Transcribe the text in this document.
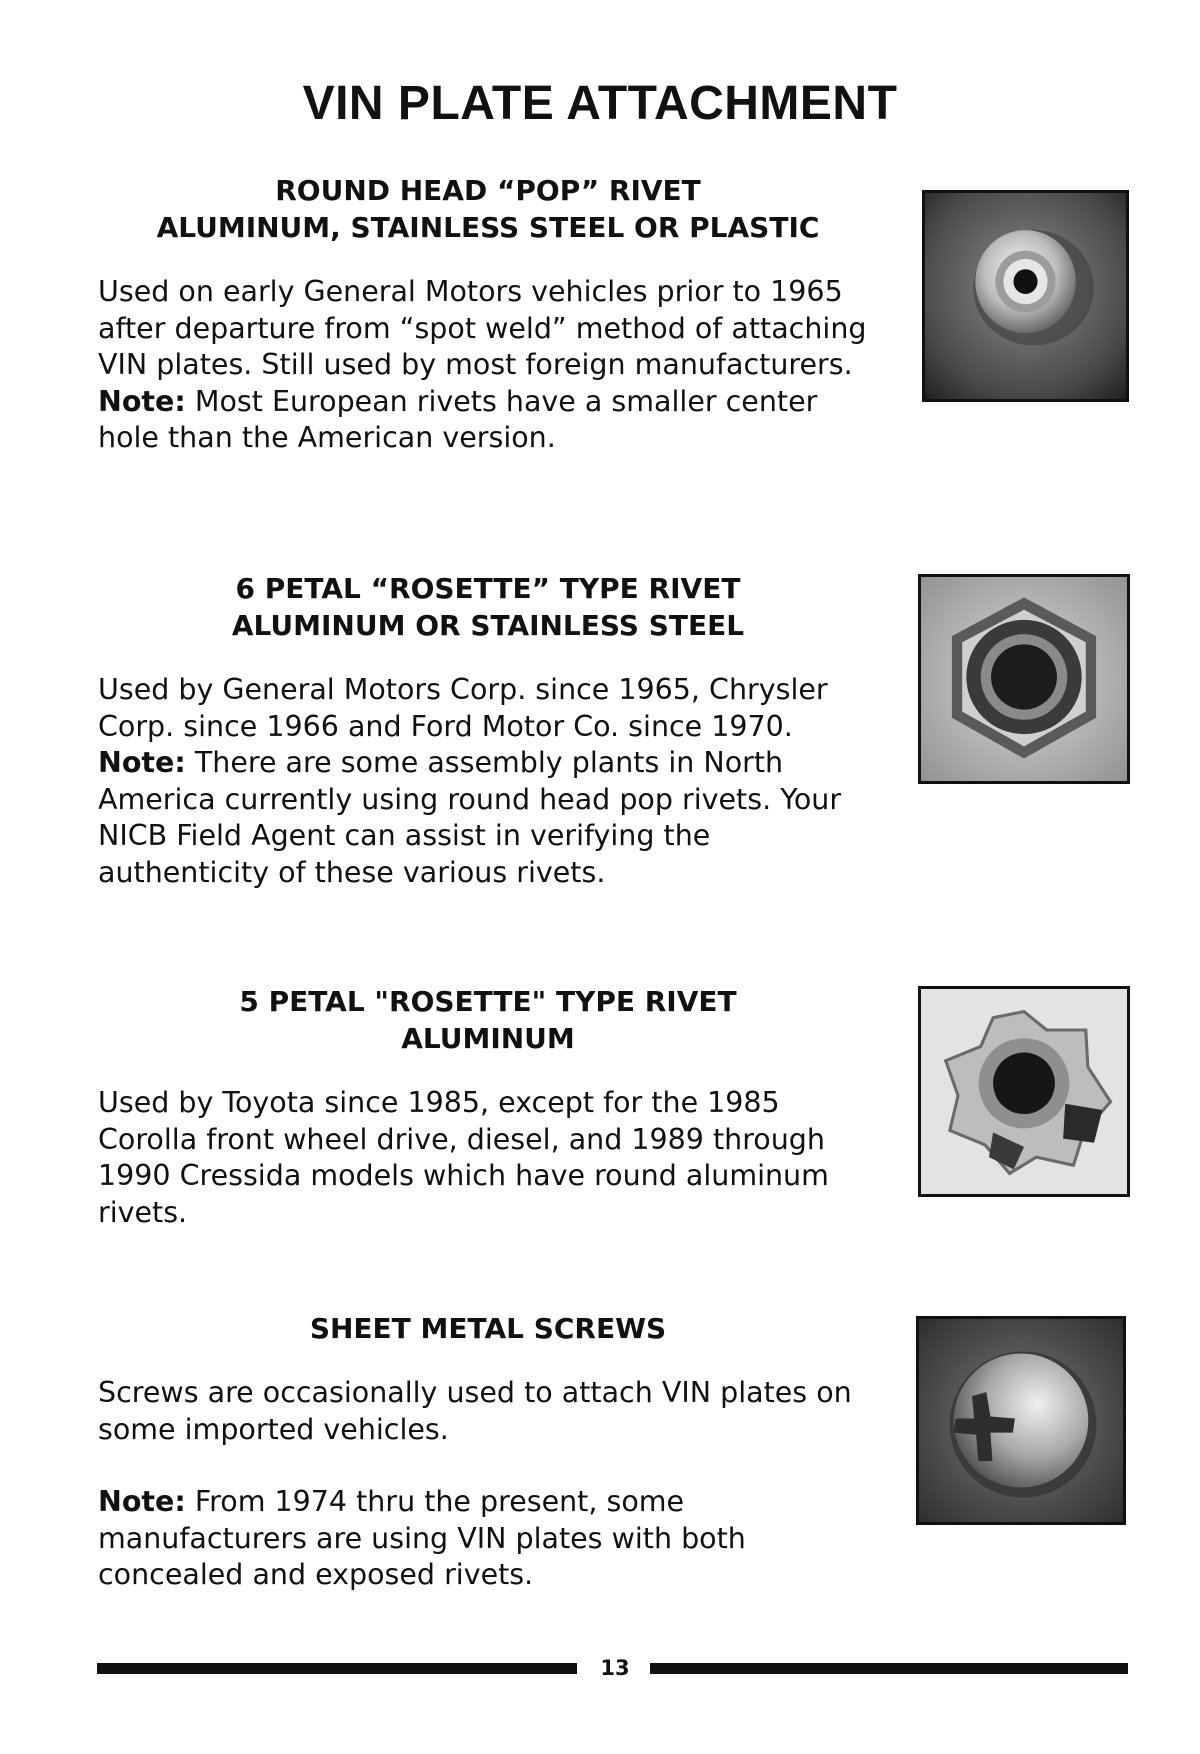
VIN PLATE ATTACHMENT

ROUND HEAD “POP” RIVET
ALUMINUM, STAINLESS STEEL OR PLASTIC

Used on early General Motors vehicles prior to 1965 after departure from “spot weld” method of attaching VIN plates. Still used by most foreign manufacturers.
Note: Most European rivets have a smaller center hole than the American version.

6 PETAL “ROSETTE” TYPE RIVET
ALUMINUM OR STAINLESS STEEL

Used by General Motors Corp. since 1965, Chrysler Corp. since 1966 and Ford Motor Co. since 1970.
Note: There are some assembly plants in North America currently using round head pop rivets. Your NICB Field Agent can assist in verifying the authenticity of these various rivets.

5 PETAL "ROSETTE" TYPE RIVET
ALUMINUM

Used by Toyota since 1985, except for the 1985 Corolla front wheel drive, diesel, and 1989 through 1990 Cressida models which have round aluminum rivets.

SHEET METAL SCREWS

Screws are occasionally used to attach VIN plates on some imported vehicles.

Note: From 1974 thru the present, some manufacturers are using VIN plates with both concealed and exposed rivets.

13
